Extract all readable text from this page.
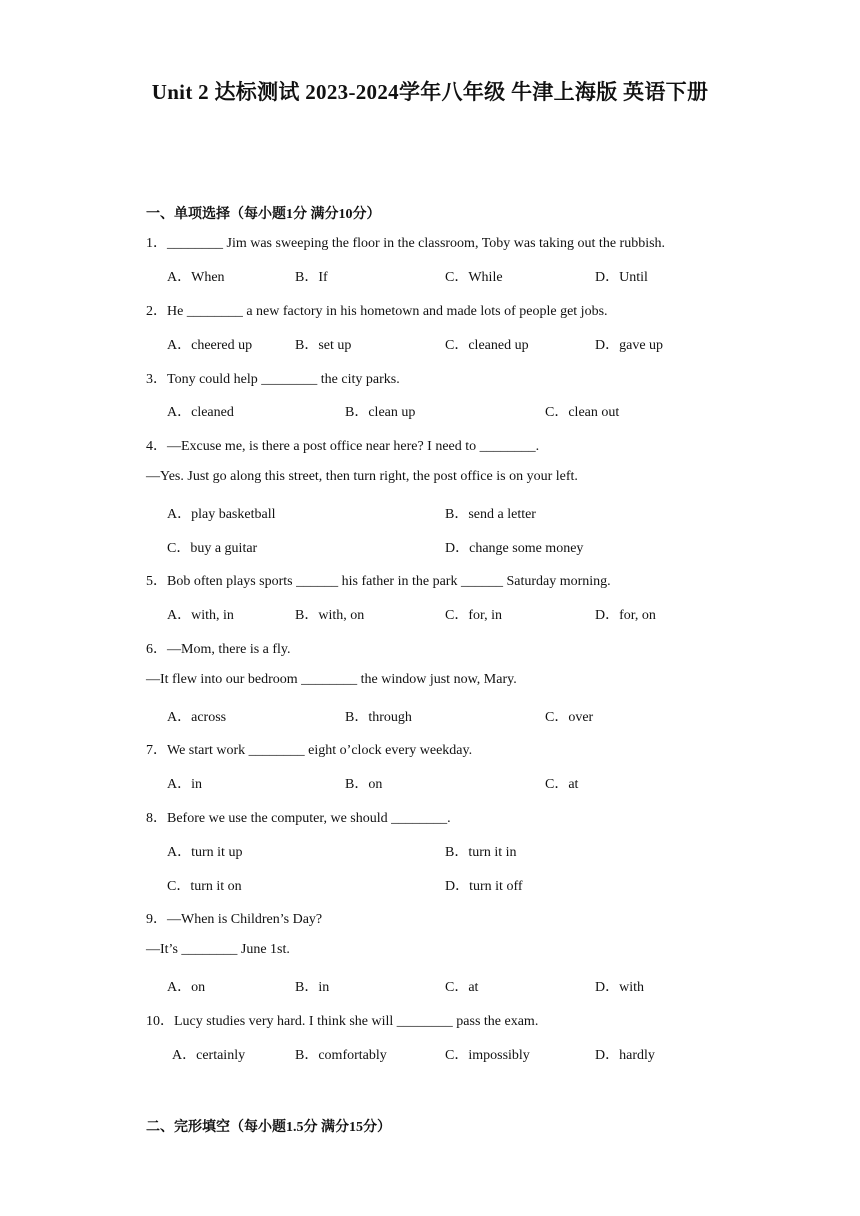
Unit 2 达标测试 2023-2024学年八年级 牛津上海版 英语下册
一、单项选择（每小题1分 满分10分）
1．________ Jim was sweeping the floor in the classroom, Toby was taking out the rubbish.
A．When	B．If	C．While	D．Until
2．He ________ a new factory in his hometown and made lots of people get jobs.
A．cheered up	B．set up	C．cleaned up	D．gave up
3．Tony could help ________ the city parks.
A．cleaned	B．clean up	C．clean out
4．—Excuse me, is there a post office near here? I need to ________.
—Yes. Just go along this street, then turn right, the post office is on your left.
A．play basketball	B．send a letter
C．buy a guitar	D．change some money
5．Bob often plays sports ______ his father in the park ______ Saturday morning.
A．with, in	B．with, on	C．for, in	D．for, on
6．—Mom, there is a fly.
—It flew into our bedroom ________ the window just now, Mary.
A．across	B．through	C．over
7．We start work ________ eight o’clock every weekday.
A．in	B．on	C．at
8．Before we use the computer, we should ________.
A．turn it up	B．turn it in
C．turn it on	D．turn it off
9．—When is Children’s Day?
—It’s ________ June 1st.
A．on	B．in	C．at	D．with
10．Lucy studies very hard. I think she will ________ pass the exam.
A．certainly	B．comfortably	C．impossibly	D．hardly
二、完形填空（每小题1.5分 满分15分）
